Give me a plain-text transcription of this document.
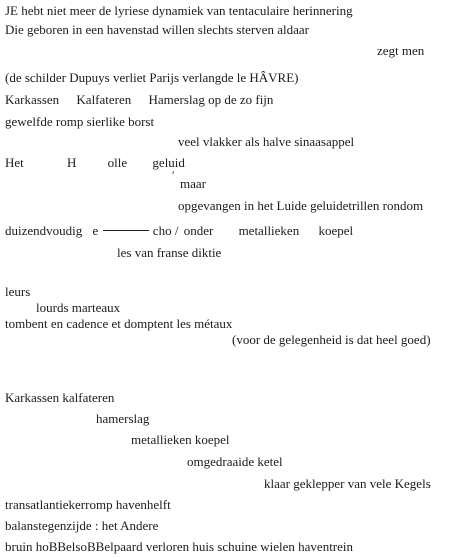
JE hebt niet meer de lyriese dynamiek van tentaculaire herinnering
Die geboren in een havenstad willen slechts sterven aldaar
zegt men
(de schilder Dupuys verliet Parijs verlangde le HÂVRE)
Karkassen Kalfateren Hamerslag op de zo fijn
gewelfde romp sierlike borst
veel vlakker als halve sinaasappel
Het	H olle geluid
′
maar
opgevangen in het Luide geluidetrillen rondom
duizendvoudig e	cho / onder metallieken koepel
les van franse diktie
leurs
lourds marteaux
tombent en cadence et domptent les métaux
(voor de gelegenheid is dat heel goed)
Karkassen kalfateren
hamerslag
metallieken koepel
omgedraaide ketel
klaar geklepper van vele Kegels
transatlantiekerromp havenhelft
balanstegenzijde : het Andere
bruin hoBBelsoBBelpaard verloren huis schuine wielen haventrein
